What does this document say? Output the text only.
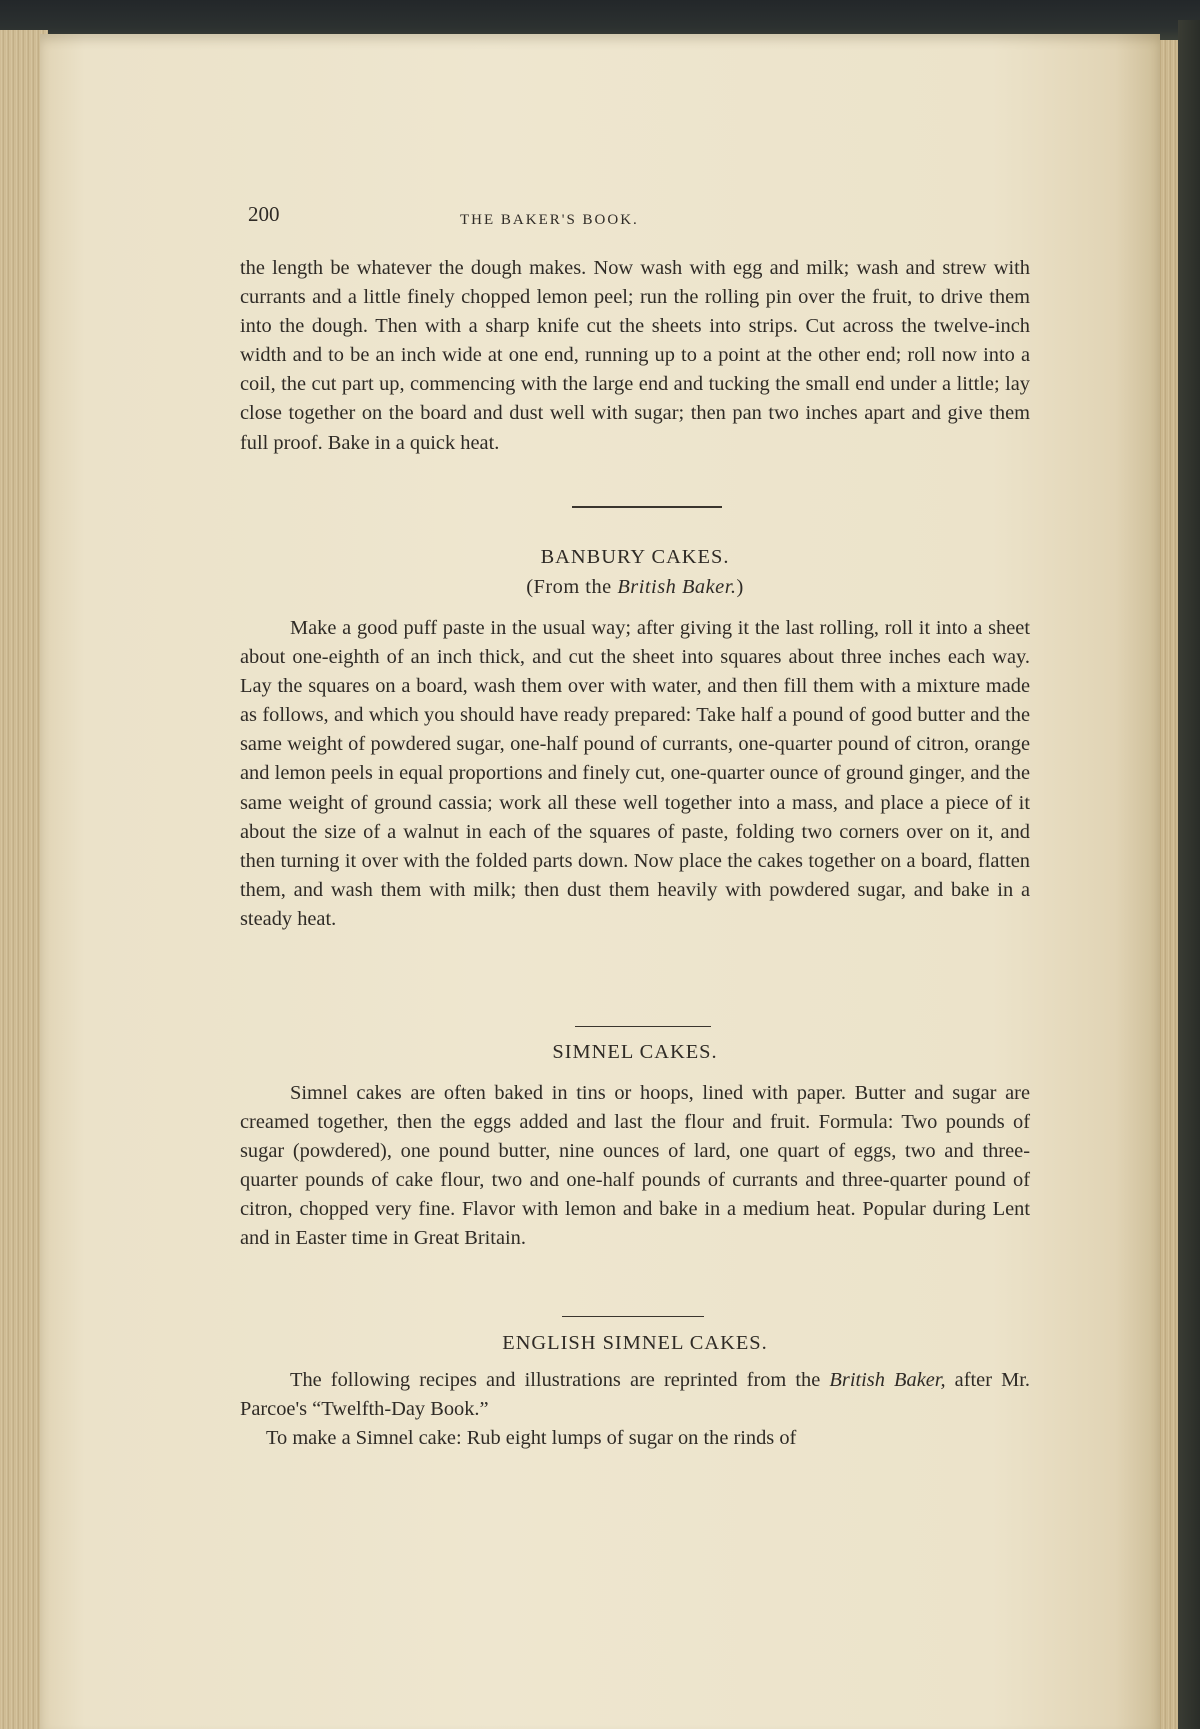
200	THE BAKER'S BOOK.

the length be whatever the dough makes. Now wash with egg and milk; wash and strew with currants and a little finely chopped lemon peel; run the rolling pin over the fruit, to drive them into the dough. Then with a sharp knife cut the sheets into strips. Cut across the twelve-inch width and to be an inch wide at one end, running up to a point at the other end; roll now into a coil, the cut part up, commencing with the large end and tucking the small end under a little; lay close together on the board and dust well with sugar; then pan two inches apart and give them full proof. Bake in a quick heat.

BANBURY CAKES.
(From the British Baker.)

Make a good puff paste in the usual way; after giving it the last rolling, roll it into a sheet about one-eighth of an inch thick, and cut the sheet into squares about three inches each way. Lay the squares on a board, wash them over with water, and then fill them with a mixture made as follows, and which you should have ready prepared: Take half a pound of good butter and the same weight of powdered sugar, one-half pound of currants, one-quarter pound of citron, orange and lemon peels in equal proportions and finely cut, one-quarter ounce of ground ginger, and the same weight of ground cassia; work all these well together into a mass, and place a piece of it about the size of a walnut in each of the squares of paste, folding two corners over on it, and then turning it over with the folded parts down. Now place the cakes together on a board, flatten them, and wash them with milk; then dust them heavily with powdered sugar, and bake in a steady heat.

SIMNEL CAKES.

Simnel cakes are often baked in tins or hoops, lined with paper. Butter and sugar are creamed together, then the eggs added and last the flour and fruit. Formula: Two pounds of sugar (powdered), one pound butter, nine ounces of lard, one quart of eggs, two and three-quarter pounds of cake flour, two and one-half pounds of currants and three-quarter pound of citron, chopped very fine. Flavor with lemon and bake in a medium heat. Popular during Lent and in Easter time in Great Britain.

ENGLISH SIMNEL CAKES.

The following recipes and illustrations are reprinted from the British Baker, after Mr. Parcoe's “Twelfth-Day Book.”

To make a Simnel cake: Rub eight lumps of sugar on the rinds of
